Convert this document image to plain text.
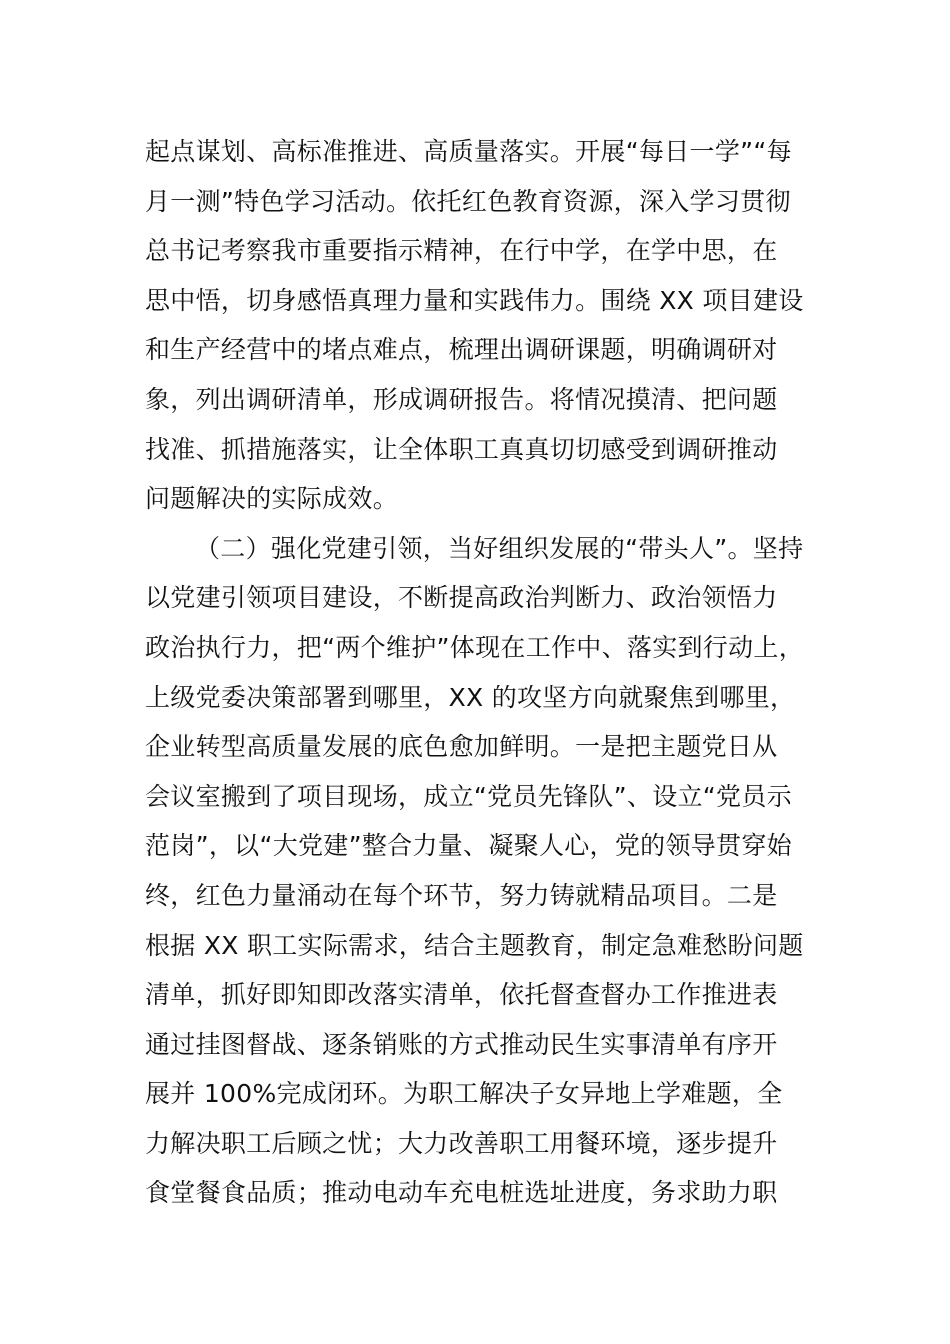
起点谋划、高标准推进、高质量落实。开展“每日一学”“每
月一测”特色学习活动。依托红色教育资源，深入学习贯彻
总书记考察我市重要指示精神，在行中学，在学中思，在
思中悟，切身感悟真理力量和实践伟力。围绕 XX 项目建设
和生产经营中的堵点难点，梳理出调研课题，明确调研对
象，列出调研清单，形成调研报告。将情况摸清、把问题
找准、抓措施落实，让全体职工真真切切感受到调研推动
问题解决的实际成效。
（二）强化党建引领，当好组织发展的“带头人”。坚持
以党建引领项目建设，不断提高政治判断力、政治领悟力
政治执行力，把“两个维护”体现在工作中、落实到行动上，
上级党委决策部署到哪里，XX 的攻坚方向就聚焦到哪里，
企业转型高质量发展的底色愈加鲜明。一是把主题党日从
会议室搬到了项目现场，成立“党员先锋队”、设立“党员示
范岗”，以“大党建”整合力量、凝聚人心，党的领导贯穿始
终，红色力量涌动在每个环节，努力铸就精品项目。二是
根据 XX 职工实际需求，结合主题教育，制定急难愁盼问题
清单，抓好即知即改落实清单，依托督查督办工作推进表
通过挂图督战、逐条销账的方式推动民生实事清单有序开
展并 100%完成闭环。为职工解决子女异地上学难题，全
力解决职工后顾之忧；大力改善职工用餐环境，逐步提升
食堂餐食品质；推动电动车充电桩选址进度，务求助力职
